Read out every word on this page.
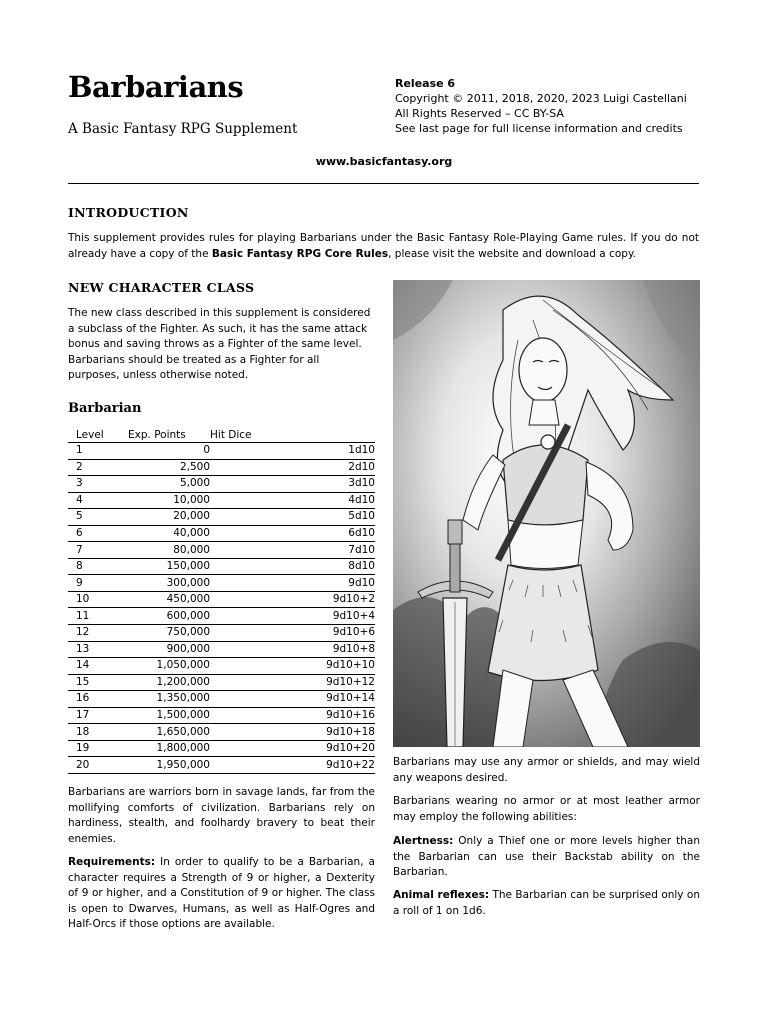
Barbarians
A Basic Fantasy RPG Supplement
Release 6
Copyright © 2011, 2018, 2020, 2023 Luigi Castellani
All Rights Reserved – CC BY-SA
See last page for full license information and credits
www.basicfantasy.org
INTRODUCTION
This supplement provides rules for playing Barbarians under the Basic Fantasy Role-Playing Game rules. If you do not already have a copy of the Basic Fantasy RPG Core Rules, please visit the website and download a copy.
NEW CHARACTER CLASS
The new class described in this supplement is considered a subclass of the Fighter. As such, it has the same attack bonus and saving throws as a Fighter of the same level. Barbarians should be treated as a Fighter for all purposes, unless otherwise noted.
Barbarian
Level	Exp. Points	Hit Dice
1	0	1d10
2	2,500	2d10
3	5,000	3d10
4	10,000	4d10
5	20,000	5d10
6	40,000	6d10
7	80,000	7d10
8	150,000	8d10
9	300,000	9d10
10	450,000	9d10+2
11	600,000	9d10+4
12	750,000	9d10+6
13	900,000	9d10+8
14	1,050,000	9d10+10
15	1,200,000	9d10+12
16	1,350,000	9d10+14
17	1,500,000	9d10+16
18	1,650,000	9d10+18
19	1,800,000	9d10+20
20	1,950,000	9d10+22
Barbarians are warriors born in savage lands, far from the mollifying comforts of civilization. Barbarians rely on hardiness, stealth, and foolhardy bravery to beat their enemies.
Requirements: In order to qualify to be a Barbarian, a character requires a Strength of 9 or higher, a Dexterity of 9 or higher, and a Constitution of 9 or higher. The class is open to Dwarves, Humans, as well as Half-Ogres and Half-Orcs if those options are available.
Barbarians may use any armor or shields, and may wield any weapons desired.
Barbarians wearing no armor or at most leather armor may employ the following abilities:
Alertness: Only a Thief one or more levels higher than the Barbarian can use their Backstab ability on the Barbarian.
Animal reflexes: The Barbarian can be surprised only on a roll of 1 on 1d6.
